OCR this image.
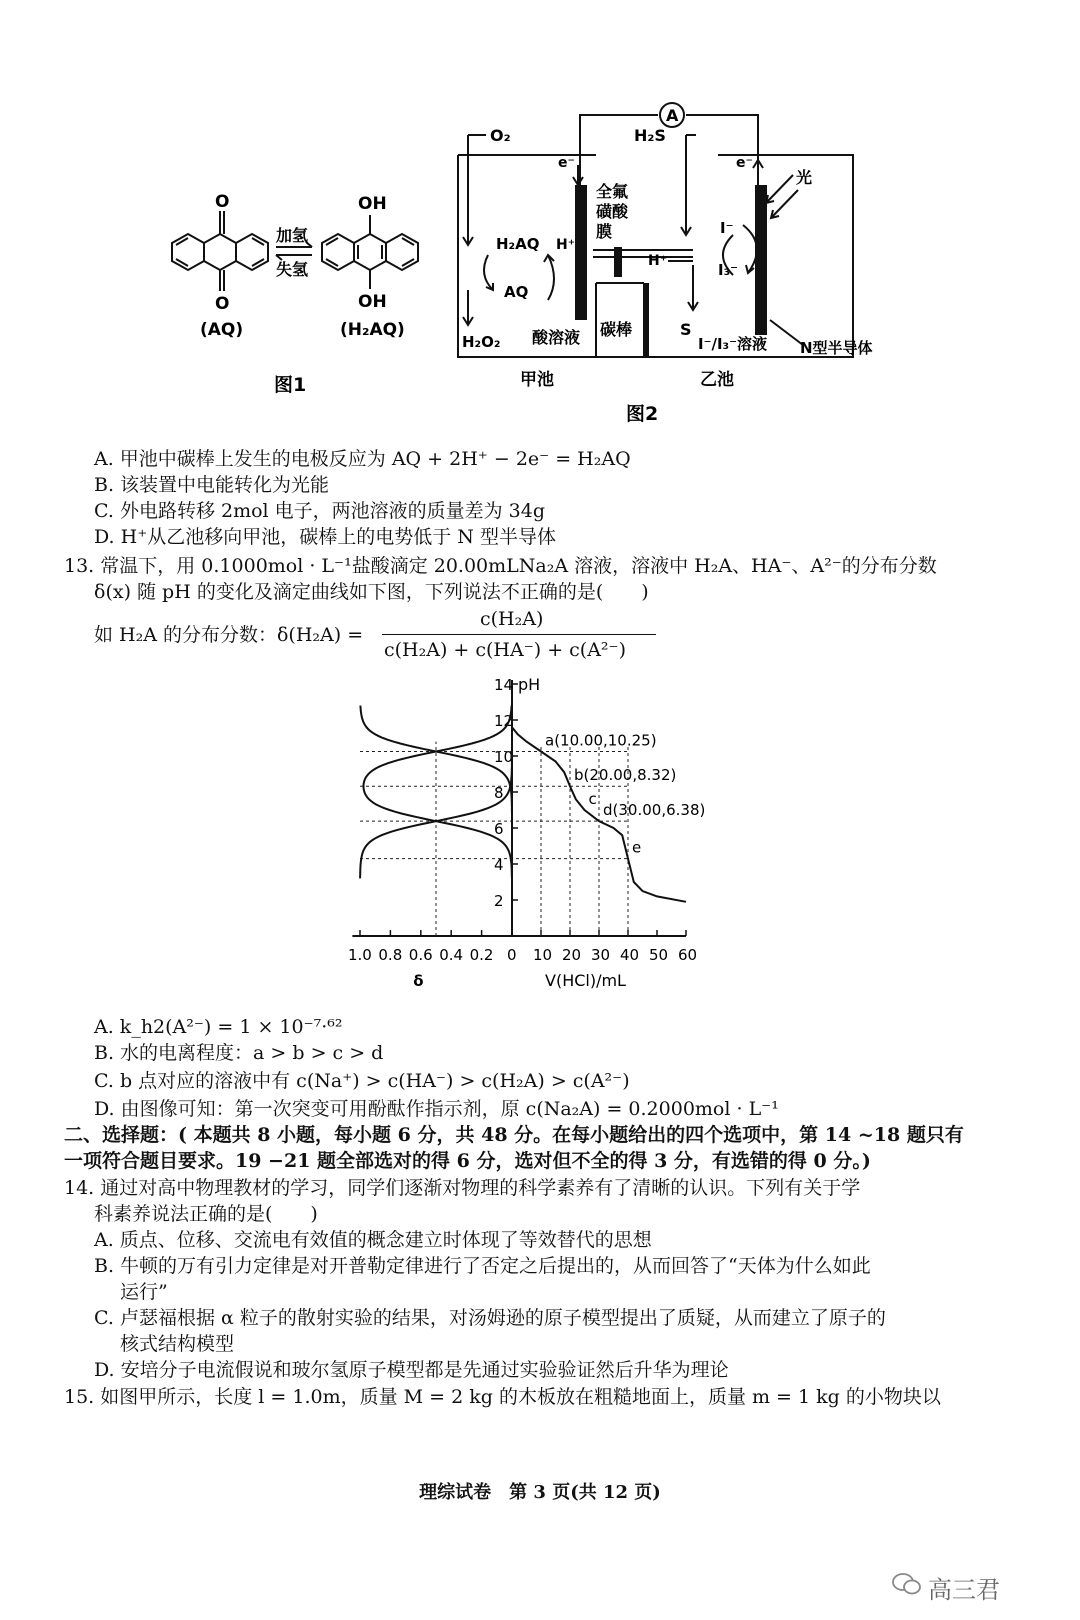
O
O
(AQ)
OH
OH
(H₂AQ)
加氢
失氢
图1
A
O₂
e⁻
H₂AQ H⁺
AQ
H₂O₂ 酸溶液
全氟
磺酸
膜
碳棒
H₂S
H⁺
S
I⁻
I₃⁻
I⁻/I₃⁻溶液
e⁻
光
N型半导体
甲池	乙池
图2
A. 甲池中碳棒上发生的电极反应为 AQ + 2H⁺ − 2e⁻ = H₂AQ
B. 该装置中电能转化为光能
C. 外电路转移 2mol 电子，两池溶液的质量差为 34g
D. H⁺从乙池移向甲池，碳棒上的电势低于 N 型半导体
13. 常温下，用 0.1000mol · L⁻¹盐酸滴定 20.00mLNa₂A 溶液，溶液中 H₂A、HA⁻、A²⁻的分布分数
δ(x) 随 pH 的变化及滴定曲线如下图，下列说法不正确的是(　　)
如 H₂A 的分布分数：δ(H₂A) =
c(H₂A)
c(H₂A) + c(HA⁻) + c(A²⁻)
2
4
6
8
10
12
14 pH
0 10 20 30 40 50 60
1.0 0.8 0.6 0.4 0.2
V(HCl)/mL
δ
a(10.00,10.25)
b(20.00,8.32)
c
d(30.00,6.38)
e
A. k_h2(A²⁻) = 1 × 10⁻⁷·⁶²
B. 水的电离程度：a > b > c > d
C. b 点对应的溶液中有 c(Na⁺) > c(HA⁻) > c(H₂A) > c(A²⁻)
D. 由图像可知：第一次突变可用酚酞作指示剂，原 c(Na₂A) = 0.2000mol · L⁻¹
二、选择题：( 本题共 8 小题，每小题 6 分，共 48 分。在每小题给出的四个选项中，第 14 ~18 题只有
一项符合题目要求。19 −21 题全部选对的得 6 分，选对但不全的得 3 分，有选错的得 0 分。)
14. 通过对高中物理教材的学习，同学们逐渐对物理的科学素养有了清晰的认识。下列有关于学
科素养说法正确的是(　　)
A. 质点、位移、交流电有效值的概念建立时体现了等效替代的思想
B. 牛顿的万有引力定律是对开普勒定律进行了否定之后提出的，从而回答了“天体为什么如此
运行”
C. 卢瑟福根据 α 粒子的散射实验的结果，对汤姆逊的原子模型提出了质疑，从而建立了原子的
核式结构模型
D. 安培分子电流假说和玻尔氢原子模型都是先通过实验验证然后升华为理论
15. 如图甲所示，长度 l = 1.0m，质量 M = 2 kg 的木板放在粗糙地面上，质量 m = 1 kg 的小物块以
理综试卷　第 3 页(共 12 页)
高三君
